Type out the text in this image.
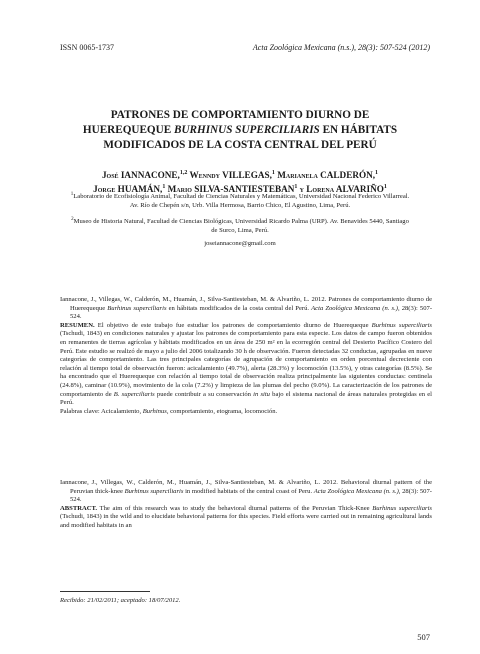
ISSN 0065-1737	Acta Zoológica Mexicana (n.s.), 28(3): 507-524 (2012)
PATRONES DE COMPORTAMIENTO DIURNO DE
HUEREQUEQUE BURHINUS SUPERCILIARIS EN HÁBITATS
MODIFICADOS DE LA COSTA CENTRAL DEL PERÚ
José IANNACONE,$^{1,2}$ Wenndy VILLEGAS,$^1$ Marianela CALDERÓN,$^1$
Jorge HUAMÁN,$^1$ Mario SILVA-SANTIESTEBAN$^1$ y Lorena ALVARIÑO$^1$

$^1$Laboratorio de Ecofisiología Animal, Facultad de Ciencias Naturales y Matemáticas, Universidad Nacional Federico Villarreal. Av. Río de Chepén s/n, Urb. Villa Hermosa, Barrio Chico, El Agustino, Lima, Perú.

$^2$Museo de Historia Natural, Facultad de Ciencias Biológicas, Universidad Ricardo Palma (URP). Av. Benavides 5440, Santiago de Surco, Lima, Perú.

joseiannacone@gmail.com

Iannacone, J., Villegas, W., Calderón, M., Huamán, J., Silva-Santiesteban, M. & Alvariño, L. 2012. Patrones de comportamiento diurno de Huerequeque Burhinus superciliaris en hábitats modificados de la costa central del Perú. Acta Zoológica Mexicana (n. s.), 28(3): 507-524.

RESUMEN. El objetivo de este trabajo fue estudiar los patrones de comportamiento diurno de Huerequeque Burhinus superciliaris (Tschudi, 1843) en condiciones naturales y ajustar los patrones de comportamiento para esta especie. Los datos de campo fueron obtenidos en remanentes de tierras agrícolas y hábitats modificados en un área de 250 m² en la ecorregión central del Desierto Pacífico Costero del Perú. Este estudio se realizó de mayo a julio del 2006 totalizando 30 h de observación. Fueron detectadas 32 conductas, agrupadas en nueve categorías de comportamiento. Las tres principales categorías de agrupación de comportamiento en orden porcentual decreciente con relación al tiempo total de observación fueron: acicalamiento (49.7%), alerta (28.3%) y locomoción (13.5%), y otras categorías (8.5%). Se ha encontrado que el Huerequeque con relación al tiempo total de observación realiza principalmente las siguientes conductas: centinela (24.8%), caminar (10.9%), movimiento de la cola (7.2%) y limpieza de las plumas del pecho (9.0%). La caracterización de los patrones de comportamiento de B. superciliaris puede contribuir a su conservación in situ bajo el sistema nacional de áreas naturales protegidas en el Perú.

Palabras clave: Acicalamiento, Burhinus, comportamiento, etograma, locomoción.

Iannacone, J., Villegas, W., Calderón, M., Huamán, J., Silva-Santiesteban, M. & Alvariño, L. 2012. Behavioral diurnal pattern of the Peruvian thick-knee Burhinus superciliaris in modified habitats of the central coast of Peru. Acta Zoológica Mexicana (n. s.), 28(3): 507-524.

ABSTRACT. The aim of this research was to study the behavioral diurnal patterns of the Peruvian Thick-Knee Burhinus superciliaris (Tschudi, 1843) in the wild and to elucidate behavioral patterns for this species. Field efforts were carried out in remaining agricultural lands and modified habitats in an

Recibido: 21/02/2011; aceptado: 18/07/2012.
507
